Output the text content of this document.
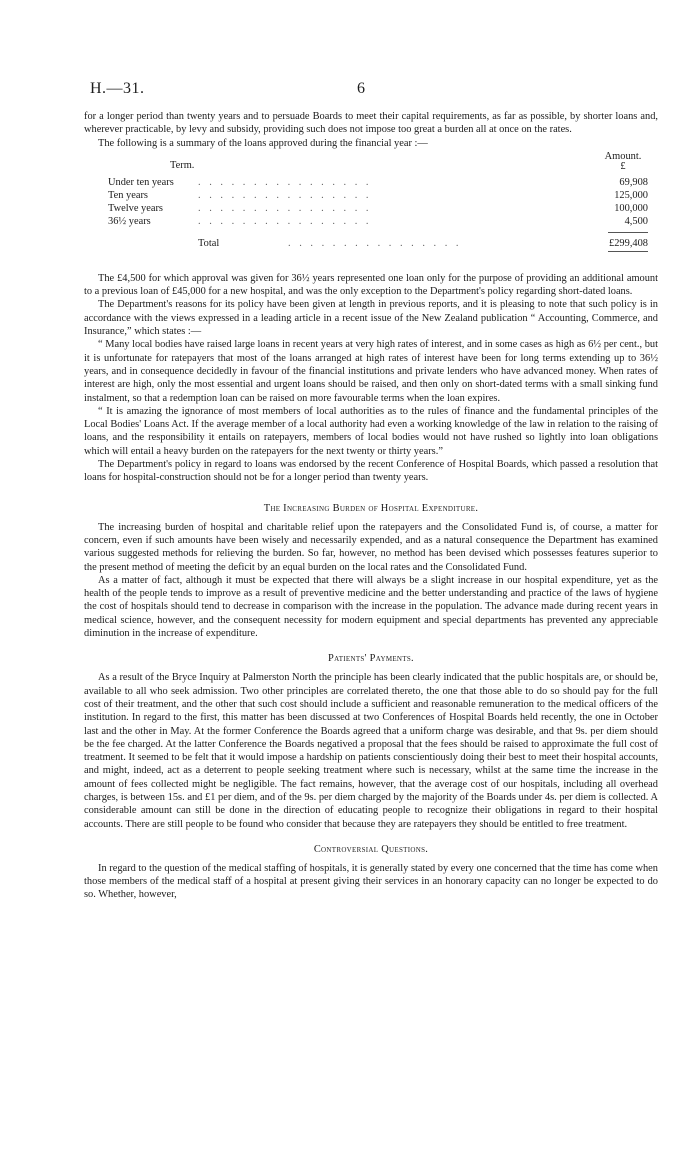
H.—31.	6

for a longer period than twenty years and to persuade Boards to meet their capital requirements, as far as possible, by shorter loans and, wherever practicable, by levy and subsidy, providing such does not impose too great a burden all at once on the rates.

The following is a summary of the loans approved during the financial year :—

Term.
Amount.
£
Under ten years	. . . . . . . . . . . . . . . .	69,908
Ten years	. . . . . . . . . . . . . . . .	125,000
Twelve years	. . . . . . . . . . . . . . . .	100,000
36½ years	. . . . . . . . . . . . . . . .	4,500
Total	. . . . . . . . . . . . . . . .	£299,408

The £4,500 for which approval was given for 36½ years represented one loan only for the purpose of providing an additional amount to a previous loan of £45,000 for a new hospital, and was the only exception to the Department's policy regarding short-dated loans.

The Department's reasons for its policy have been given at length in previous reports, and it is pleasing to note that such policy is in accordance with the views expressed in a leading article in a recent issue of the New Zealand publication “ Accounting, Commerce, and Insurance,” which states :—

“ Many local bodies have raised large loans in recent years at very high rates of interest, and in some cases as high as 6½ per cent., but it is unfortunate for ratepayers that most of the loans arranged at high rates of interest have been for long terms extending up to 36½ years, and in consequence decidedly in favour of the financial institutions and private lenders who have advanced money. When rates of interest are high, only the most essential and urgent loans should be raised, and then only on short-dated terms with a small sinking fund instalment, so that a redemption loan can be raised on more favourable terms when the loan expires.

“ It is amazing the ignorance of most members of local authorities as to the rules of finance and the fundamental principles of the Local Bodies' Loans Act. If the average member of a local authority had even a working knowledge of the law in relation to the raising of loans, and the responsibility it entails on ratepayers, members of local bodies would not have rushed so lightly into loan obligations which will entail a heavy burden on the ratepayers for the next twenty or thirty years.”

The Department's policy in regard to loans was endorsed by the recent Conference of Hospital Boards, which passed a resolution that loans for hospital-construction should not be for a longer period than twenty years.

The Increasing Burden of Hospital Expenditure.

The increasing burden of hospital and charitable relief upon the ratepayers and the Consolidated Fund is, of course, a matter for concern, even if such amounts have been wisely and necessarily expended, and as a natural consequence the Department has examined various suggested methods for relieving the burden. So far, however, no method has been devised which possesses features superior to the present method of meeting the deficit by an equal burden on the local rates and the Consolidated Fund.

As a matter of fact, although it must be expected that there will always be a slight increase in our hospital expenditure, yet as the health of the people tends to improve as a result of preventive medicine and the better understanding and practice of the laws of hygiene the cost of hospitals should tend to decrease in comparison with the increase in the population. The advance made during recent years in medical science, however, and the consequent necessity for modern equipment and special departments has prevented any appreciable diminution in the increase of expenditure.

Patients' Payments.

As a result of the Bryce Inquiry at Palmerston North the principle has been clearly indicated that the public hospitals are, or should be, available to all who seek admission. Two other principles are correlated thereto, the one that those able to do so should pay for the full cost of their treatment, and the other that such cost should include a sufficient and reasonable remuneration to the medical officers of the institution. In regard to the first, this matter has been discussed at two Conferences of Hospital Boards held recently, the one in October last and the other in May. At the former Conference the Boards agreed that a uniform charge was desirable, and that 9s. per diem should be the fee charged. At the latter Conference the Boards negatived a proposal that the fees should be raised to approximate the full cost of treatment. It seemed to be felt that it would impose a hardship on patients conscientiously doing their best to meet their hospital accounts, and might, indeed, act as a deterrent to people seeking treatment where such is necessary, whilst at the same time the increase in the amount of fees collected might be negligible. The fact remains, however, that the average cost of our hospitals, including all overhead charges, is between 15s. and £1 per diem, and of the 9s. per diem charged by the majority of the Boards under 4s. per diem is collected. A considerable amount can still be done in the direction of educating people to recognize their obligations in regard to their hospital accounts. There are still people to be found who consider that because they are ratepayers they should be entitled to free treatment.

Controversial Questions.

In regard to the question of the medical staffing of hospitals, it is generally stated by every one concerned that the time has come when those members of the medical staff of a hospital at present giving their services in an honorary capacity can no longer be expected to do so. Whether, however,
